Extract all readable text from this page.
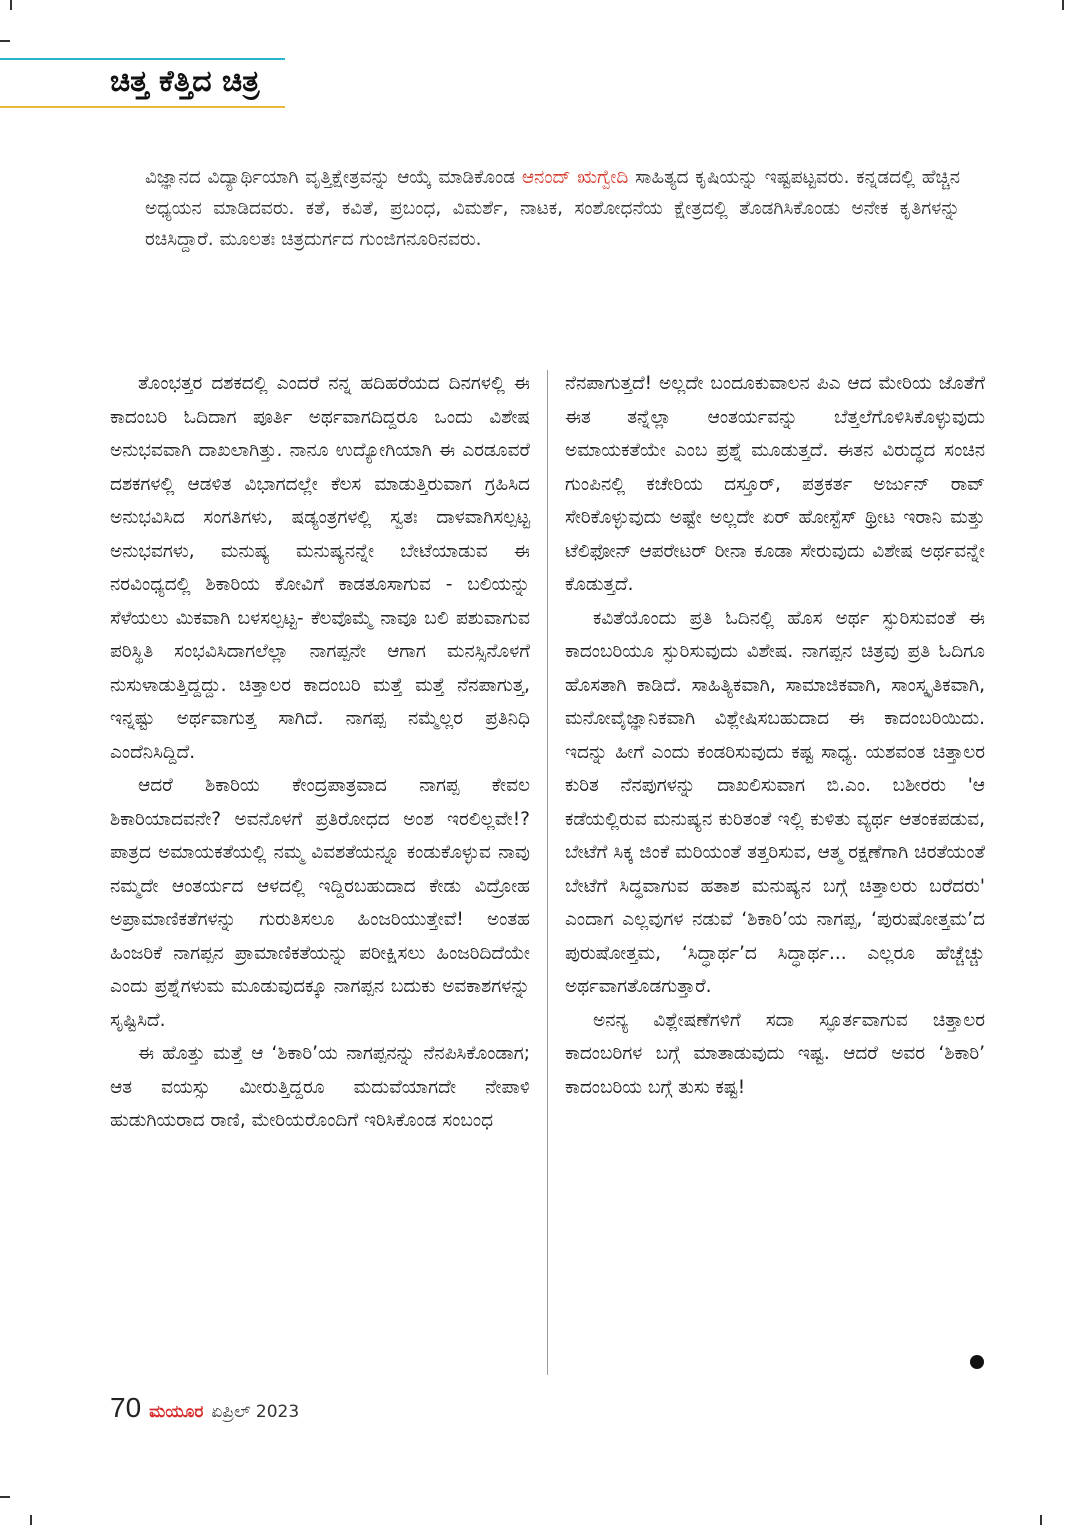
ಚಿತ್ತ ಕೆತ್ತಿದ ಚಿತ್ರ
ವಿಜ್ಞಾನದ ವಿದ್ಯಾರ್ಥಿಯಾಗಿ ವೃತ್ತಿಕ್ಷೇತ್ರವನ್ನು ಆಯ್ಕೆ ಮಾಡಿಕೊಂಡ ಆನಂದ್ ಋಗ್ವೇದಿ ಸಾಹಿತ್ಯದ ಕೃಷಿಯನ್ನು ಇಷ್ಟಪಟ್ಟವರು. ಕನ್ನಡದಲ್ಲಿ ಹೆಚ್ಚಿನ ಅಧ್ಯಯನ ಮಾಡಿದವರು. ಕತೆ, ಕವಿತೆ, ಪ್ರಬಂಧ, ವಿಮರ್ಶೆ, ನಾಟಕ, ಸಂಶೋಧನೆಯ ಕ್ಷೇತ್ರದಲ್ಲಿ ತೊಡಗಿಸಿಕೊಂಡು ಅನೇಕ ಕೃತಿಗಳನ್ನು ರಚಿಸಿದ್ದಾರೆ. ಮೂಲತಃ ಚಿತ್ರದುರ್ಗದ ಗುಂಜಿಗನೂರಿನವರು.

ತೊಂಭತ್ತರ ದಶಕದಲ್ಲಿ ಎಂದರೆ ನನ್ನ ಹದಿಹರೆಯದ ದಿನಗಳಲ್ಲಿ ಈ ಕಾದಂಬರಿ ಓದಿದಾಗ ಪೂರ್ತಿ ಅರ್ಥವಾಗದಿದ್ದರೂ ಒಂದು ವಿಶೇಷ ಅನುಭವವಾಗಿ ದಾಖಲಾಗಿತ್ತು. ನಾನೂ ಉದ್ಯೋಗಿಯಾಗಿ ಈ ಎರಡೂವರೆ ದಶಕಗಳಲ್ಲಿ ಆಡಳಿತ ವಿಭಾಗದಲ್ಲೇ ಕೆಲಸ ಮಾಡುತ್ತಿರುವಾಗ ಗ್ರಹಿಸಿದ ಅನುಭವಿಸಿದ ಸಂಗತಿಗಳು, ಷಡ್ಯಂತ್ರಗಳಲ್ಲಿ ಸ್ವತಃ ದಾಳವಾಗಿಸಲ್ಪಟ್ಟ ಅನುಭವಗಳು, ಮನುಷ್ಯ ಮನುಷ್ಯನನ್ನೇ ಬೇಟೆಯಾಡುವ ಈ ನರವಿಂಧ್ಯದಲ್ಲಿ ಶಿಕಾರಿಯ ಕೋವಿಗೆ ಕಾಡತೂಸಾಗುವ - ಬಲಿಯನ್ನು ಸೆಳೆಯಲು ಮಿಕವಾಗಿ ಬಳಸಲ್ಪಟ್ಟ- ಕೆಲವೊಮ್ಮೆ ನಾವೂ ಬಲಿ ಪಶುವಾಗುವ ಪರಿಸ್ಥಿತಿ ಸಂಭವಿಸಿದಾಗಲೆಲ್ಲಾ ನಾಗಪ್ಪನೇ ಆಗಾಗ ಮನಸ್ಸಿನೊಳಗೆ ನುಸುಳಾಡುತ್ತಿದ್ದದ್ದು. ಚಿತ್ತಾಲರ ಕಾದಂಬರಿ ಮತ್ತೆ ಮತ್ತೆ ನೆನಪಾಗುತ್ತ, ಇನ್ನಷ್ಟು ಅರ್ಥವಾಗುತ್ತ ಸಾಗಿದೆ. ನಾಗಪ್ಪ ನಮ್ಮೆಲ್ಲರ ಪ್ರತಿನಿಧಿ ಎಂದೆನಿಸಿದ್ದಿದೆ.

ಆದರೆ ಶಿಕಾರಿಯ ಕೇಂದ್ರಪಾತ್ರವಾದ ನಾಗಪ್ಪ ಕೇವಲ ಶಿಕಾರಿಯಾದವನೇ? ಅವನೊಳಗೆ ಪ್ರತಿರೋಧದ ಅಂಶ ಇರಲಿಲ್ಲವೇ!? ಪಾತ್ರದ ಅಮಾಯಕತೆಯಲ್ಲಿ ನಮ್ಮ ವಿವಶತೆಯನ್ನೂ ಕಂಡುಕೊಳ್ಳುವ ನಾವು ನಮ್ಮದೇ ಆಂತರ್ಯದ ಆಳದಲ್ಲಿ ಇದ್ದಿರಬಹುದಾದ ಕೇಡು ವಿದ್ರೋಹ ಅಪ್ರಾಮಾಣಿಕತೆಗಳನ್ನು ಗುರುತಿಸಲೂ ಹಿಂಜರಿಯುತ್ತೇವೆ! ಅಂತಹ ಹಿಂಜರಿಕೆ ನಾಗಪ್ಪನ ಪ್ರಾಮಾಣಿಕತೆಯನ್ನು ಪರೀಕ್ಷಿಸಲು ಹಿಂಜರಿದಿದೆಯೇ ಎಂದು ಪ್ರಶ್ನೆಗಳುಮ ಮೂಡುವುದಕ್ಕೂ ನಾಗಪ್ಪನ ಬದುಕು ಅವಕಾಶಗಳನ್ನು ಸೃಷ್ಟಿಸಿದೆ.

ಈ ಹೊತ್ತು ಮತ್ತೆ ಆ ‘ಶಿಕಾರಿ’ಯ ನಾಗಪ್ಪನನ್ನು ನೆನಪಿಸಿಕೊಂಡಾಗ; ಆತ ವಯಸ್ಸು ಮೀರುತ್ತಿದ್ದರೂ ಮದುವೆಯಾಗದೇ ನೇಪಾಳಿ ಹುಡುಗಿಯರಾದ ರಾಣಿ, ಮೇರಿಯರೊಂದಿಗೆ ಇರಿಸಿಕೊಂಡ ಸಂಬಂಧ

ನೆನಪಾಗುತ್ತದೆ! ಅಲ್ಲದೇ ಬಂದೂಕುವಾಲನ ಪಿಎ ಆದ ಮೇರಿಯ ಜೊತೆಗೆ ಈತ ತನ್ನೆಲ್ಲಾ ಆಂತರ್ಯವನ್ನು ಬೆತ್ತಲೆಗೊಳಿಸಿಕೊಳ್ಳುವುದು ಅಮಾಯಕತೆಯೇ ಎಂಬ ಪ್ರಶ್ನೆ ಮೂಡುತ್ತದೆ. ಈತನ ವಿರುದ್ಧದ ಸಂಚಿನ ಗುಂಪಿನಲ್ಲಿ ಕಚೇರಿಯ ದಸ್ತೂರ್, ಪತ್ರಕರ್ತ ಅರ್ಜುನ್ ರಾವ್ ಸೇರಿಕೊಳ್ಳುವುದು ಅಷ್ಟೇ ಅಲ್ಲದೇ ಏರ್ ಹೋಸ್ಟೆಸ್ ಥ್ರೀಟ ಇರಾನಿ ಮತ್ತು ಟೆಲಿಫೋನ್ ಆಪರೇಟರ್ ರೀನಾ ಕೂಡಾ ಸೇರುವುದು ವಿಶೇಷ ಅರ್ಥವನ್ನೇ ಕೊಡುತ್ತದೆ.

ಕವಿತೆಯೊಂದು ಪ್ರತಿ ಓದಿನಲ್ಲಿ ಹೊಸ ಅರ್ಥ ಸ್ಫುರಿಸುವಂತೆ ಈ ಕಾದಂಬರಿಯೂ ಸ್ಫುರಿಸುವುದು ವಿಶೇಷ. ನಾಗಪ್ಪನ ಚಿತ್ರವು ಪ್ರತಿ ಓದಿಗೂ ಹೊಸತಾಗಿ ಕಾಡಿದೆ. ಸಾಹಿತ್ಯಿಕವಾಗಿ, ಸಾಮಾಜಿಕವಾಗಿ, ಸಾಂಸ್ಕೃತಿಕವಾಗಿ, ಮನೋವೈಜ್ಞಾನಿಕವಾಗಿ ವಿಶ್ಲೇಷಿಸಬಹುದಾದ ಈ ಕಾದಂಬರಿಯಿದು. ಇದನ್ನು ಹೀಗೆ ಎಂದು ಕಂಡರಿಸುವುದು ಕಷ್ಟ ಸಾಧ್ಯ. ಯಶವಂತ ಚಿತ್ತಾಲರ ಕುರಿತ ನೆನಪುಗಳನ್ನು ದಾಖಲಿಸುವಾಗ ಬಿ.ಎಂ. ಬಶೀರರು 'ಆ ಕಡೆಯಲ್ಲಿರುವ ಮನುಷ್ಯನ ಕುರಿತಂತೆ ಇಲ್ಲಿ ಕುಳಿತು ವ್ಯರ್ಥ ಆತಂಕಪಡುವ, ಬೇಟೆಗೆ ಸಿಕ್ಕ ಜಿಂಕೆ ಮರಿಯಂತೆ ತತ್ತರಿಸುವ, ಆತ್ಮ ರಕ್ಷಣೆಗಾಗಿ ಚಿರತೆಯಂತೆ ಬೇಟೆಗೆ ಸಿದ್ಧವಾಗುವ ಹತಾಶ ಮನುಷ್ಯನ ಬಗ್ಗೆ ಚಿತ್ತಾಲರು ಬರೆದರು' ಎಂದಾಗ ಎಲ್ಲವುಗಳ ನಡುವೆ ‘ಶಿಕಾರಿ’ಯ ನಾಗಪ್ಪ, ‘ಪುರುಷೋತ್ತಮ’ದ ಪುರುಷೋತ್ತಮ, ‘ಸಿದ್ಧಾರ್ಥ’ದ ಸಿದ್ಧಾರ್ಥ... ಎಲ್ಲರೂ ಹೆಚ್ಚೆಚ್ಚು ಅರ್ಥವಾಗತೊಡಗುತ್ತಾರೆ.

ಅನನ್ಯ ವಿಶ್ಲೇಷಣೆಗಳಿಗೆ ಸದಾ ಸ್ಫೂರ್ತವಾಗುವ ಚಿತ್ತಾಲರ ಕಾದಂಬರಿಗಳ ಬಗ್ಗೆ ಮಾತಾಡುವುದು ಇಷ್ಟ. ಆದರೆ ಅವರ ‘ಶಿಕಾರಿ’ ಕಾದಂಬರಿಯ ಬಗ್ಗೆ ತುಸು ಕಷ್ಟ!

70 ಮಯೂರ ಏಪ್ರಿಲ್ 2023
